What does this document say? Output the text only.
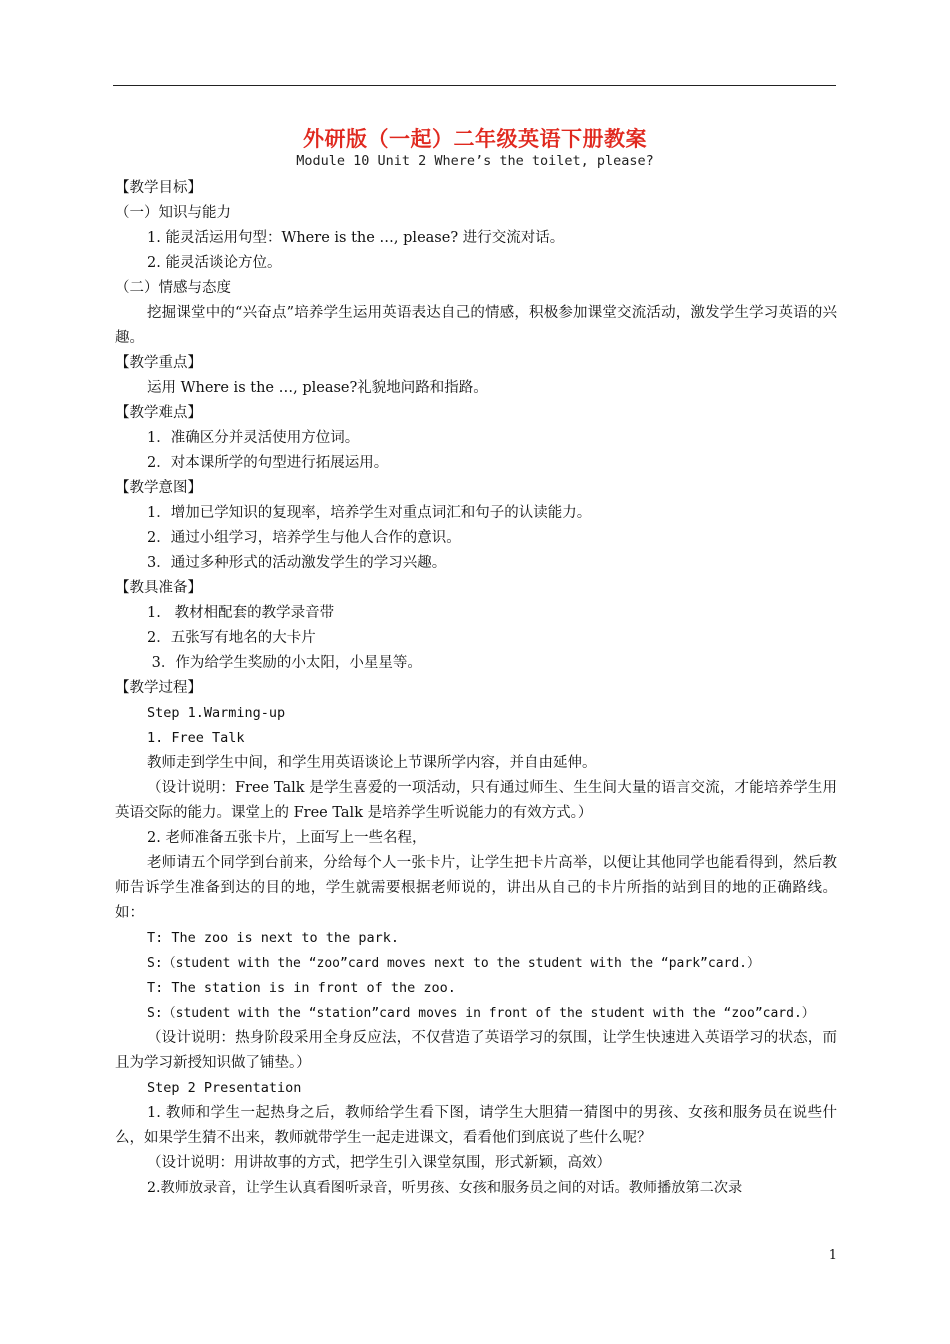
外研版（一起）二年级英语下册教案
Module 10 Unit 2 Where’s the toilet, please?
【教学目标】
（一）知识与能力
1. 能灵活运用句型：Where is the …, please? 进行交流对话。
2. 能灵活谈论方位。
（二）情感与态度
挖掘课堂中的“兴奋点”培养学生运用英语表达自己的情感，积极参加课堂交流活动，激发学生学习英语的兴趣。
【教学重点】
运用 Where is the …, please?礼貌地问路和指路。
【教学难点】
1．准确区分并灵活使用方位词。
2．对本课所学的句型进行拓展运用。
【教学意图】
1．增加已学知识的复现率，培养学生对重点词汇和句子的认读能力。
2．通过小组学习，培养学生与他人合作的意识。
3．通过多种形式的活动激发学生的学习兴趣。
【教具准备】
1.   教材相配套的教学录音带
2．五张写有地名的大卡片
3．作为给学生奖励的小太阳，小星星等。
【教学过程】
Step 1.Warming-up
1. Free Talk
教师走到学生中间，和学生用英语谈论上节课所学内容，并自由延伸。
（设计说明：Free Talk 是学生喜爱的一项活动，只有通过师生、生生间大量的语言交流，才能培养学生用英语交际的能力。课堂上的 Free Talk 是培养学生听说能力的有效方式。）
2. 老师准备五张卡片，上面写上一些名程，
老师请五个同学到台前来，分给每个人一张卡片，让学生把卡片高举，以便让其他同学也能看得到，然后教师告诉学生准备到达的目的地，学生就需要根据老师说的，讲出从自己的卡片所指的站到目的地的正确路线。如：
T: The zoo is next to the park.
S:（student with the “zoo”card moves next to the student with the “park”card.）
T: The station is in front of the zoo.
S:（student with the “station”card moves in front of the student with the “zoo”card.）
（设计说明：热身阶段采用全身反应法，不仅营造了英语学习的氛围，让学生快速进入英语学习的状态，而且为学习新授知识做了铺垫。）
Step 2 Presentation
1. 教师和学生一起热身之后，教师给学生看下图，请学生大胆猜一猜图中的男孩、女孩和服务员在说些什么，如果学生猜不出来，教师就带学生一起走进课文，看看他们到底说了些什么呢？
（设计说明：用讲故事的方式，把学生引入课堂氛围，形式新颖，高效）
2.教师放录音，让学生认真看图听录音，听男孩、女孩和服务员之间的对话。教师播放第二次录
1
